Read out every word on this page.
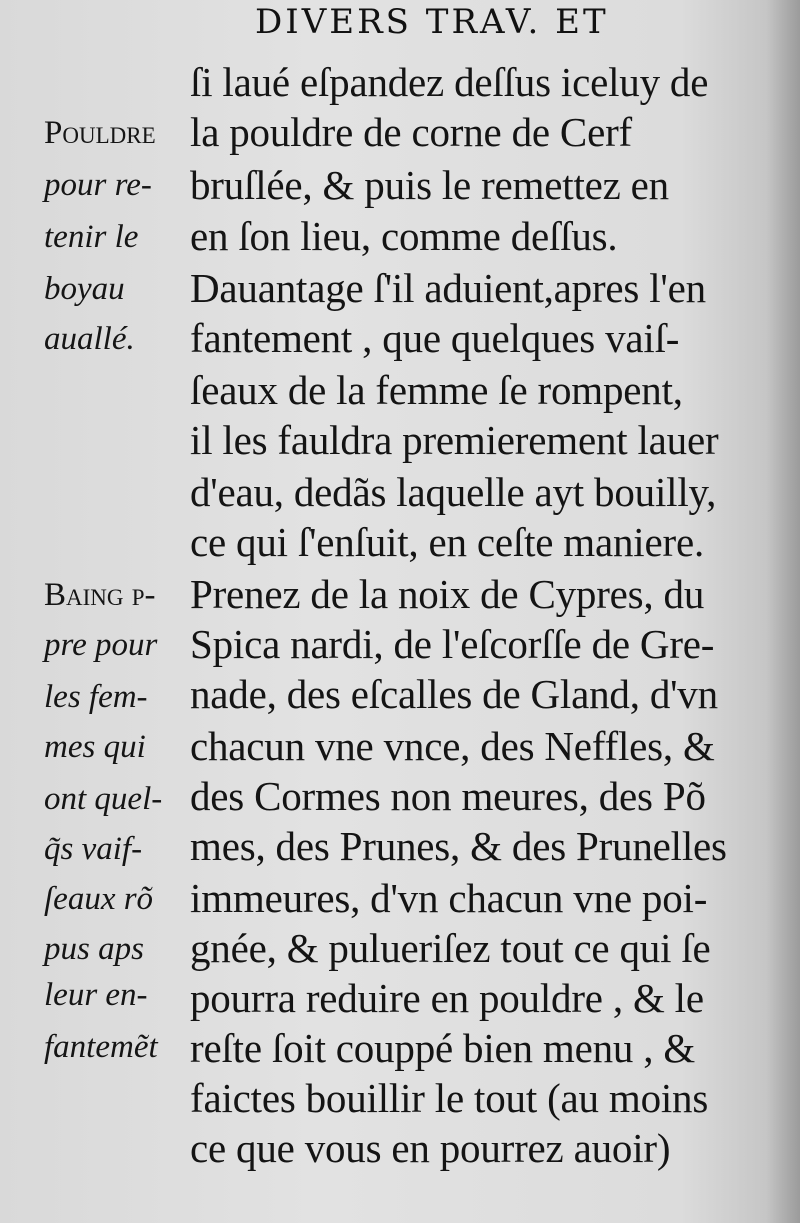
DIVERS TRAV. ET
Pouldre
pour re-
tenir le
boyau
auallé.
Baing p-
pre pour
les fem-
mes qui
ont quel-
q̃s vaif-
ſeaux rõ
pus aps
leur en-
fantemẽt
ſi laué eſpandez deſſus iceluy de
la pouldre de corne de Cerf
bruſlée, & puis le remettez en
en ſon lieu, comme deſſus.
Dauantage ſ'il aduient,apres l'en
fantement , que quelques vaiſ-
ſeaux de la femme ſe rompent,
il les fauldra premierement lauer
d'eau, dedãs laquelle ayt bouilly,
ce qui ſ'enſuit, en ceſte maniere.
Prenez de la noix de Cypres, du
Spica nardi, de l'eſcorſſe de Gre-
nade, des eſcalles de Gland, d'vn
chacun vne vnce, des Neffles, &
des Cormes non meures, des Põ
mes, des Prunes, & des Prunelles
immeures, d'vn chacun vne poi-
gnée, & pulueriſez tout ce qui ſe
pourra reduire en pouldre , & le
reſte ſoit couppé bien menu , &
faictes bouillir le tout (au moins
ce que vous en pourrez auoir)
